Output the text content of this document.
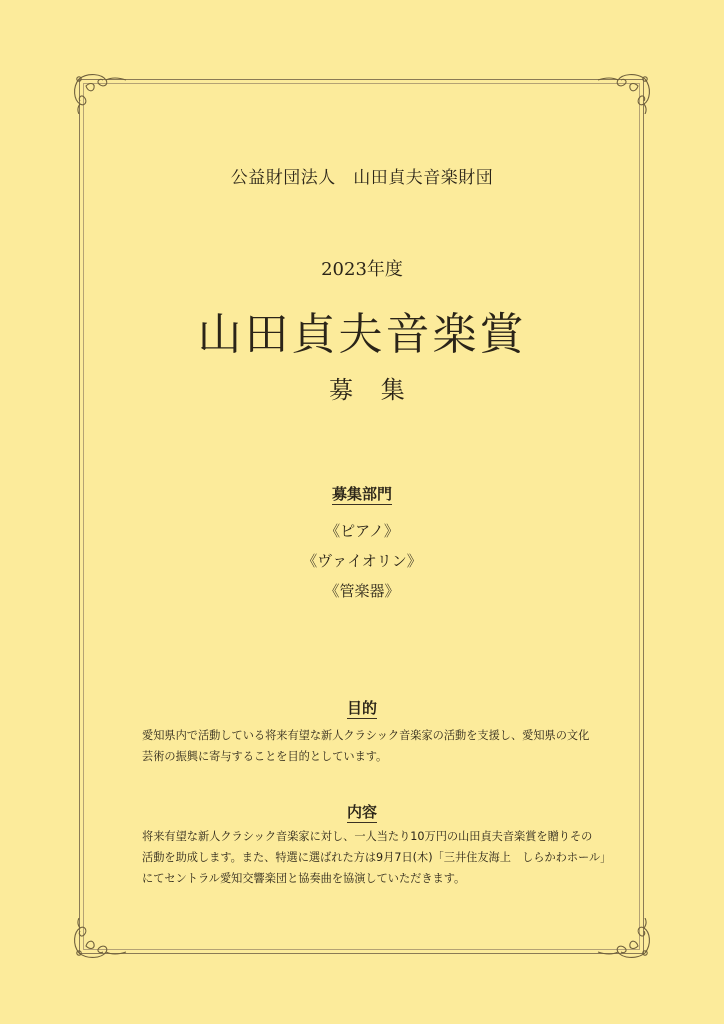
公益財団法人　山田貞夫音楽財団
2023年度
山田貞夫音楽賞
募 集
募集部門
《ピアノ》
《ヴァイオリン》
《管楽器》
目的
愛知県内で活動している将来有望な新人クラシック音楽家の活動を支援し、愛知県の文化
芸術の振興に寄与することを目的としています。
内容
将来有望な新人クラシック音楽家に対し、一人当たり10万円の山田貞夫音楽賞を贈りその
活動を助成します。また、特選に選ばれた方は9月7日(木)「三井住友海上　しらかわホール」
にてセントラル愛知交響楽団と協奏曲を協演していただきます。
